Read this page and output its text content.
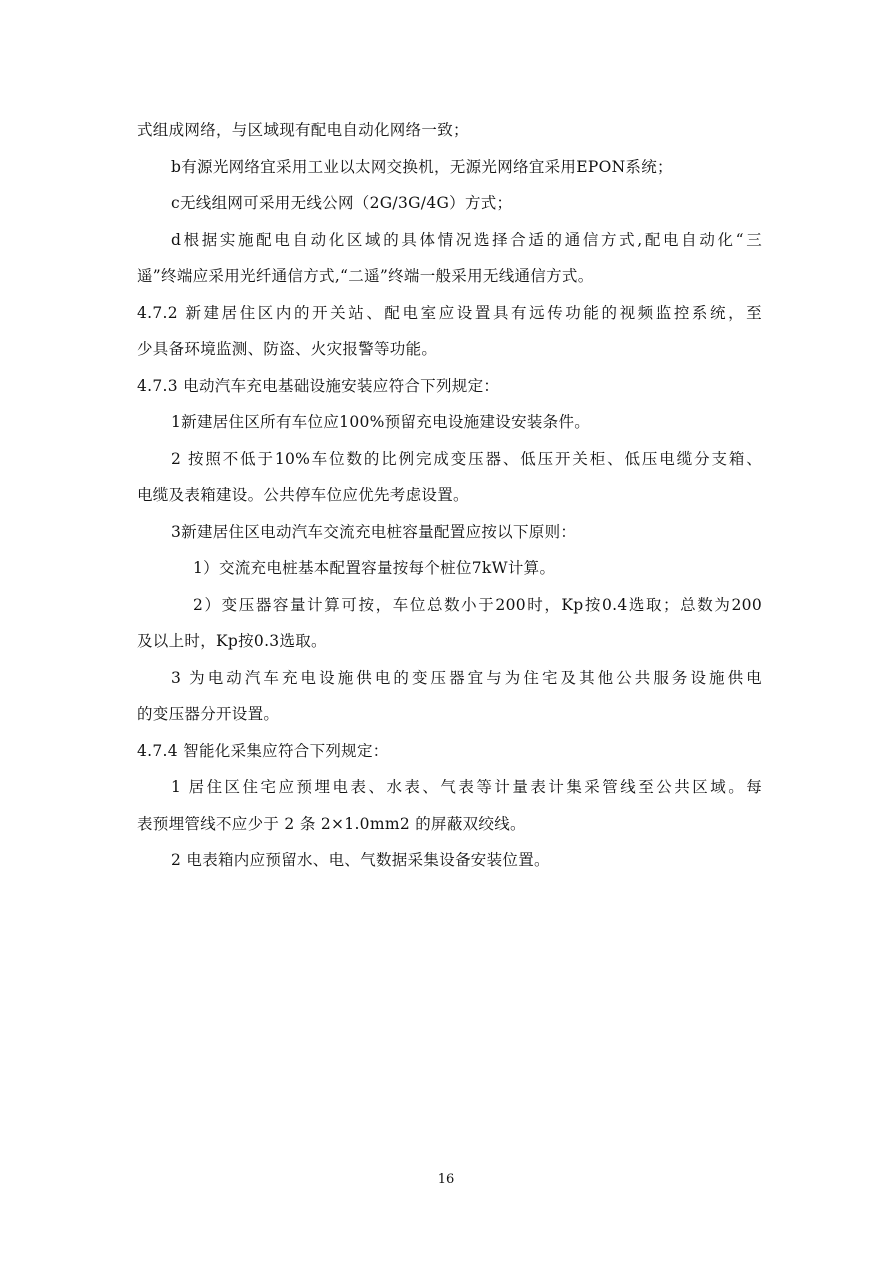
式组成网络，与区域现有配电自动化网络一致；
b有源光网络宜采用工业以太网交换机，无源光网络宜采用EPON系统；
c无线组网可采用无线公网（2G/3G/4G）方式；
d根据实施配电自动化区域的具体情况选择合适的通信方式,配电自动化“三
遥”终端应采用光纤通信方式,“二遥”终端一般采用无线通信方式。
4.7.2 新建居住区内的开关站、配电室应设置具有远传功能的视频监控系统，至
少具备环境监测、防盗、火灾报警等功能。
4.7.3 电动汽车充电基础设施安装应符合下列规定：
1新建居住区所有车位应100%预留充电设施建设安装条件。
2 按照不低于10%车位数的比例完成变压器、低压开关柜、低压电缆分支箱、
电缆及表箱建设。公共停车位应优先考虑设置。
3新建居住区电动汽车交流充电桩容量配置应按以下原则：
1）交流充电桩基本配置容量按每个桩位7kW计算。
2）变压器容量计算可按，车位总数小于200时，Kp按0.4选取；总数为200
及以上时，Kp按0.3选取。
3 为电动汽车充电设施供电的变压器宜与为住宅及其他公共服务设施供电
的变压器分开设置。
4.7.4 智能化采集应符合下列规定：
1 居住区住宅应预埋电表、水表、气表等计量表计集采管线至公共区域。每
表预埋管线不应少于 2 条 2×1.0mm2 的屏蔽双绞线。
2 电表箱内应预留水、电、气数据采集设备安装位置。
16
